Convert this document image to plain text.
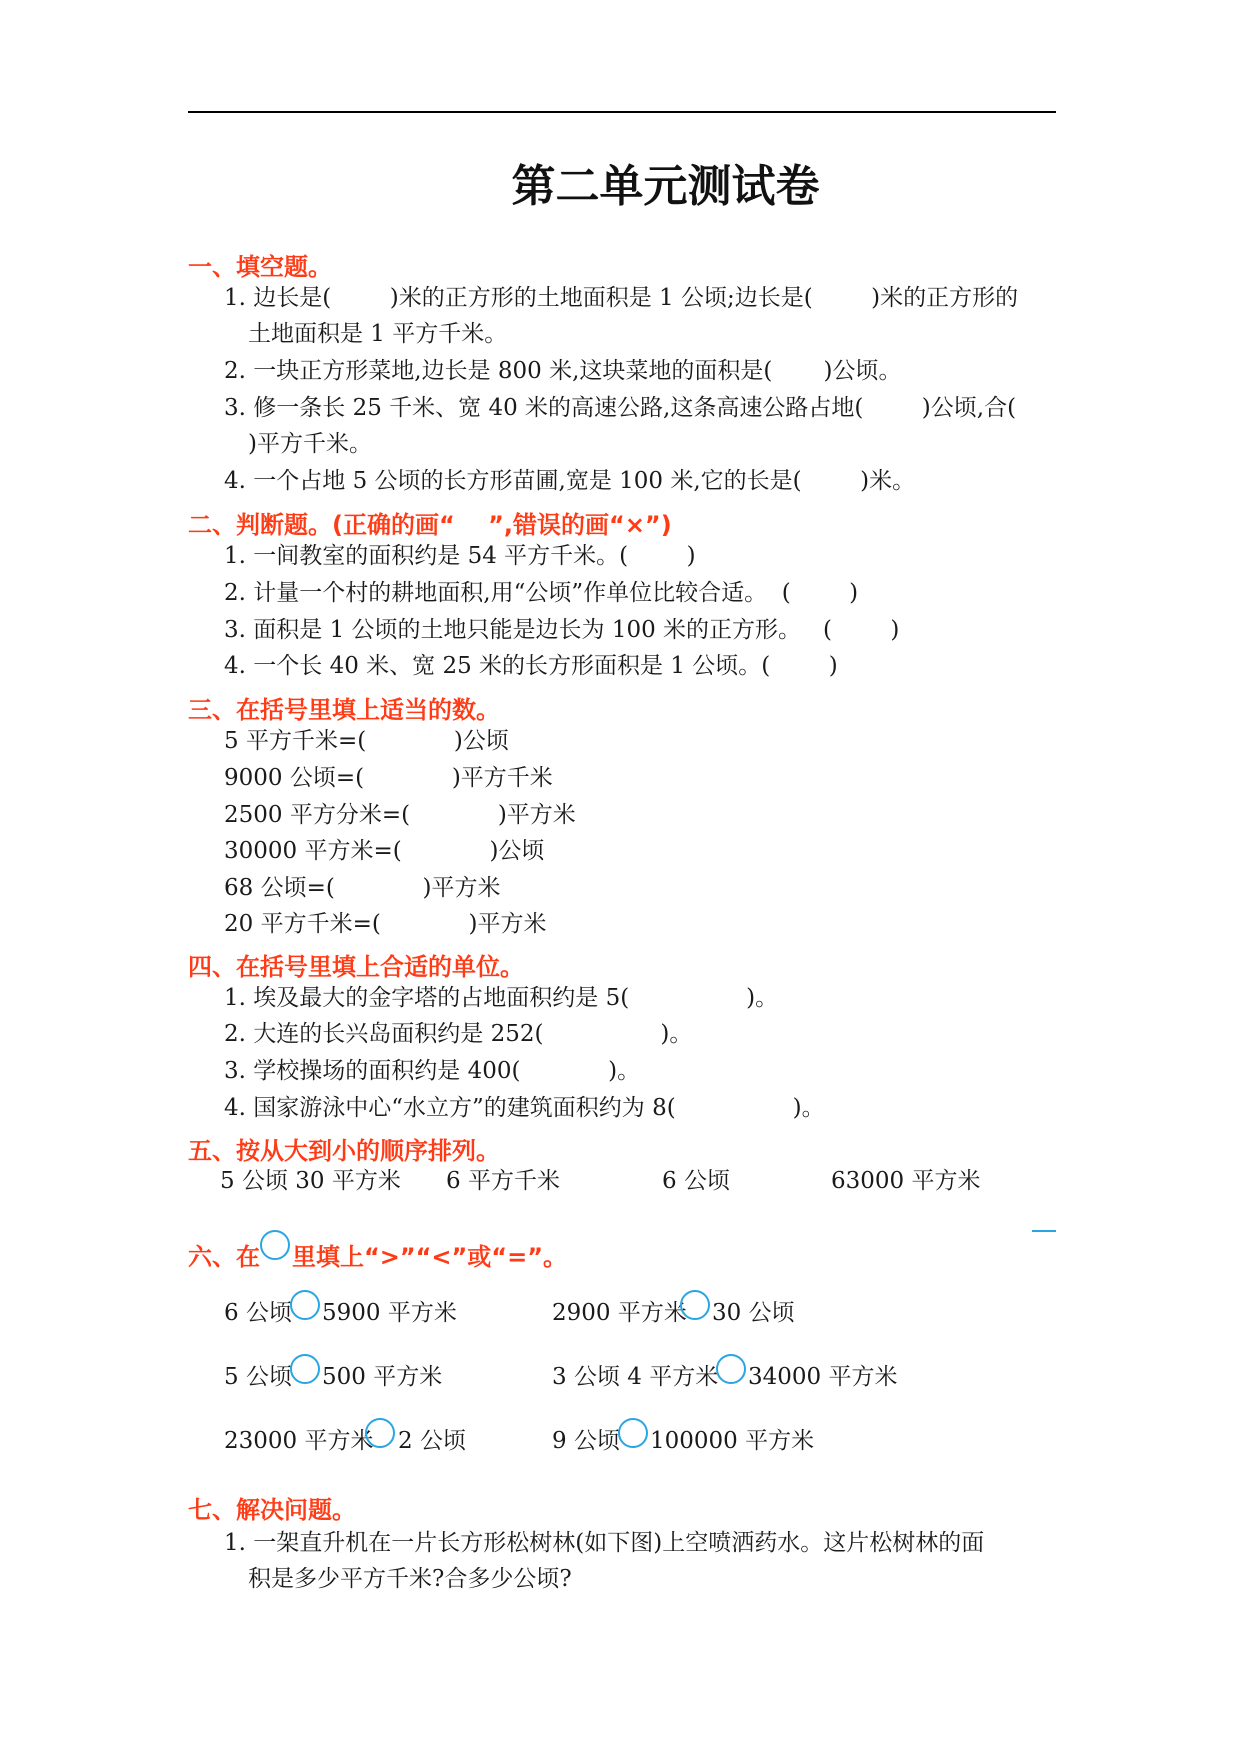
第二单元测试卷
一、填空题。
1. 边长是(        )米的正方形的土地面积是 1 公顷;边长是(        )米的正方形的
土地面积是 1 平方千米。
2. 一块正方形菜地,边长是 800 米,这块菜地的面积是(       )公顷。
3. 修一条长 25 千米、宽 40 米的高速公路,这条高速公路占地(        )公顷,合(
)平方千米。
4. 一个占地 5 公顷的长方形苗圃,宽是 100 米,它的长是(        )米。
二、判断题。(正确的画“    ”,错误的画“×”)
1. 一间教室的面积约是 54 平方千米。(        )
2. 计量一个村的耕地面积,用“公顷”作单位比较合适。  (        )
3. 面积是 1 公顷的土地只能是边长为 100 米的正方形。   (        )
4. 一个长 40 米、宽 25 米的长方形面积是 1 公顷。(        )
三、在括号里填上适当的数。
5 平方千米=(            )公顷
9000 公顷=(            )平方千米
2500 平方分米=(            )平方米
30000 平方米=(            )公顷
68 公顷=(            )平方米
20 平方千米=(            )平方米
四、在括号里填上合适的单位。
1. 埃及最大的金字塔的占地面积约是 5(                )。
2. 大连的长兴岛面积约是 252(                )。
3. 学校操场的面积约是 400(            )。
4. 国家游泳中心“水立方”的建筑面积约为 8(                )。
五、按从大到小的顺序排列。
5 公顷 30 平方米 6 平方千米	6 公顷	63000 平方米
六、在 里填上“>”“<”或“=”。
6 公顷 5900 平方米	2900 平方米 30 公顷
5 公顷 500 平方米	3 公顷 4 平方米 34000 平方米
23000 平方米 2 公顷	9 公顷 100000 平方米
七、解决问题。
1. 一架直升机在一片长方形松树林(如下图)上空喷洒药水。这片松树林的面
积是多少平方千米?合多少公顷?
